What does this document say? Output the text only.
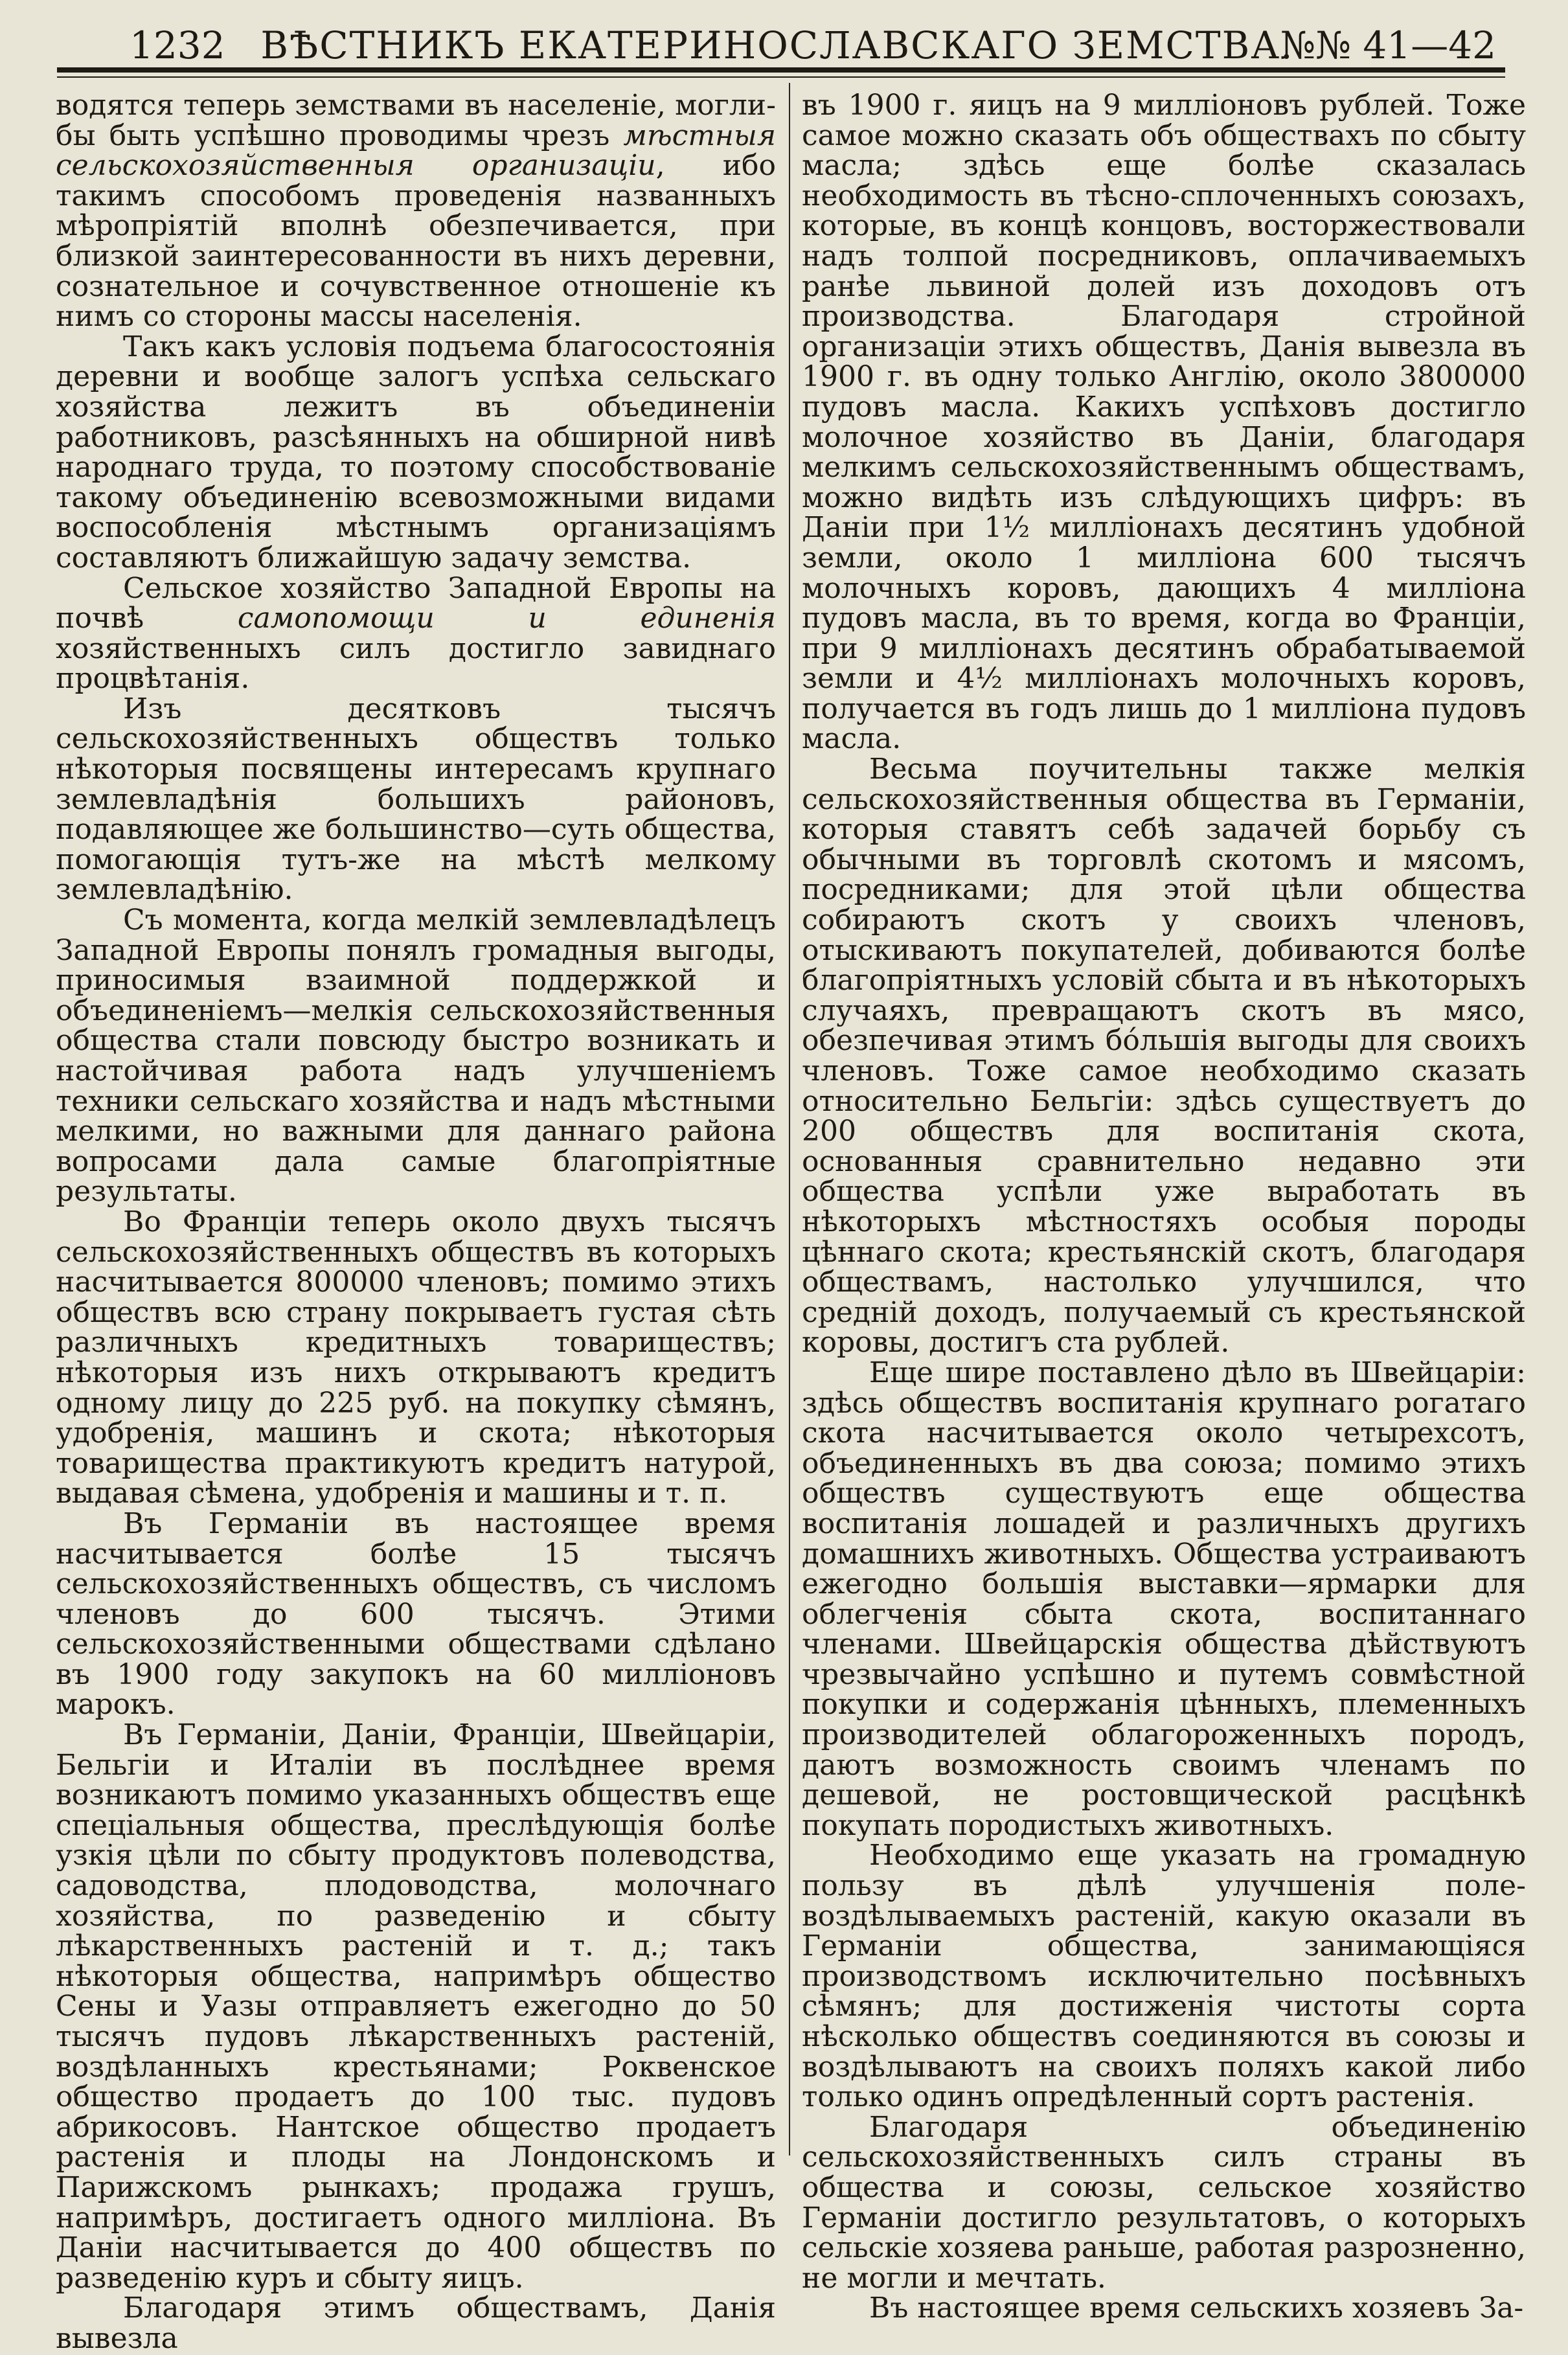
1232 ВѢСТНИКЪ ЕКАТЕРИНОСЛАВСКАГО ЗЕМСТВА.
№№ 41—42

водятся теперь земствами въ населеніе, могли-бы быть успѣшно проводимы чрезъ мѣстныя сельскохозяйственныя организаціи, ибо такимъ способомъ проведенія названныхъ мѣропріятій вполнѣ обезпечивается, при близкой заинтересованности въ нихъ деревни, сознательное и сочувственное отношеніе къ нимъ со стороны массы населенія.

Такъ какъ условія подъема благосостоянія деревни и вообще залогъ успѣха сельскаго хозяйства лежитъ въ объединеніи работниковъ, разсѣянныхъ на обширной нивѣ народнаго труда, то поэтому способствованіе такому объединенію всевозможными видами воспособленія мѣстнымъ организаціямъ составляютъ ближайшую задачу земства.

Сельское хозяйство Западной Европы на почвѣ самопомощи и единенія хозяйственныхъ силъ достигло завиднаго процвѣтанія.

Изъ десятковъ тысячъ сельскохозяйственныхъ обществъ только нѣкоторыя посвящены интересамъ крупнаго землевладѣнія большихъ районовъ, подавляющее же большинство—суть общества, помогающія тутъ-же на мѣстѣ мелкому землевладѣнію.

Съ момента, когда мелкій землевладѣлецъ Западной Европы понялъ громадныя выгоды, приносимыя взаимной поддержкой и объединеніемъ—мелкія сельскохозяйственныя общества стали повсюду быстро возникать и настойчивая работа надъ улучшеніемъ техники сельскаго хозяйства и надъ мѣстными мелкими, но важными для даннаго района вопросами дала самые благопріятные результаты.

Во Франціи теперь около двухъ тысячъ сельскохозяйственныхъ обществъ въ которыхъ насчитывается 800000 членовъ; помимо этихъ обществъ всю страну покрываетъ густая сѣть различныхъ кредитныхъ товариществъ; нѣкоторыя изъ нихъ открываютъ кредитъ одному лицу до 225 руб. на покупку сѣмянъ, удобренія, машинъ и скота; нѣкоторыя товарищества практикуютъ кредитъ натурой, выдавая сѣмена, удобренія и машины и т. п.

Въ Германіи въ настоящее время насчитывается болѣе 15 тысячъ сельскохозяйственныхъ обществъ, съ числомъ членовъ до 600 тысячъ. Этими сельскохозяйственными обществами сдѣлано въ 1900 году закупокъ на 60 милліоновъ марокъ.

Въ Германіи, Даніи, Франціи, Швейцаріи, Бельгіи и Италіи въ послѣднее время возникаютъ помимо указанныхъ обществъ еще спеціальныя общества, преслѣдующія болѣе узкія цѣли по сбыту продуктовъ полеводства, садоводства, плодоводства, молочнаго хозяйства, по разведенію и сбыту лѣкарственныхъ растеній и т. д.; такъ нѣкоторыя общества, напримѣръ общество Сены и Уазы отправляетъ ежегодно до 50 тысячъ пудовъ лѣкарственныхъ растеній, воздѣланныхъ крестьянами; Роквенское общество продаетъ до 100 тыс. пудовъ абрикосовъ. Нантское общество продаетъ растенія и плоды на Лондонскомъ и Парижскомъ рынкахъ; продажа грушъ, напримѣръ, достигаетъ одного милліона. Въ Даніи насчитывается до 400 обществъ по разведенію куръ и сбыту яицъ.

Благодаря этимъ обществамъ, Данія вывезла

въ 1900 г. яицъ на 9 милліоновъ рублей. Тоже самое можно сказать объ обществахъ по сбыту масла; здѣсь еще болѣе сказалась необходимость въ тѣсно-сплоченныхъ союзахъ, которые, въ концѣ концовъ, восторжествовали надъ толпой посредниковъ, оплачиваемыхъ ранѣе львиной долей изъ доходовъ отъ производства. Благодаря стройной организаціи этихъ обществъ, Данія вывезла въ 1900 г. въ одну только Англію, около 3800000 пудовъ масла. Какихъ успѣховъ достигло молочное хозяйство въ Даніи, благодаря мелкимъ сельскохозяйственнымъ обществамъ, можно видѣть изъ слѣдующихъ цифръ: въ Даніи при 1½ милліонахъ десятинъ удобной земли, около 1 милліона 600 тысячъ молочныхъ коровъ, дающихъ 4 милліона пудовъ масла, въ то время, когда во Франціи, при 9 милліонахъ десятинъ обрабатываемой земли и 4½ милліонахъ молочныхъ коровъ, получается въ годъ лишь до 1 милліона пудовъ масла.

Весьма поучительны также мелкія сельскохозяйственныя общества въ Германіи, которыя ставятъ себѣ задачей борьбу съ обычными въ торговлѣ скотомъ и мясомъ, посредниками; для этой цѣли общества собираютъ скотъ у своихъ членовъ, отыскиваютъ покупателей, добиваются болѣе благопріятныхъ условій сбыта и въ нѣкоторыхъ случаяхъ, превращаютъ скотъ въ мясо, обезпечивая этимъ бóльшія выгоды для своихъ членовъ. Тоже самое необходимо сказать относительно Бельгіи: здѣсь существуетъ до 200 обществъ для воспитанія скота, основанныя сравнительно недавно эти общества успѣли уже выработать въ нѣкоторыхъ мѣстностяхъ особыя породы цѣннаго скота; крестьянскій скотъ, благодаря обществамъ, настолько улучшился, что средній доходъ, получаемый съ крестьянской коровы, достигъ ста рублей.

Еще шире поставлено дѣло въ Швейцаріи: здѣсь обществъ воспитанія крупнаго рогатаго скота насчитывается около четырехсотъ, объединенныхъ въ два союза; помимо этихъ обществъ существуютъ еще общества воспитанія лошадей и различныхъ другихъ домашнихъ животныхъ. Общества устраиваютъ ежегодно большія выставки—ярмарки для облегченія сбыта скота, воспитаннаго членами. Швейцарскія общества дѣйствуютъ чрезвычайно успѣшно и путемъ совмѣстной покупки и содержанія цѣнныхъ, племенныхъ производителей облагороженныхъ породъ, даютъ возможность своимъ членамъ по дешевой, не ростовщической расцѣнкѣ покупать породистыхъ животныхъ.

Необходимо еще указать на громадную пользу въ дѣлѣ улучшенія поле-воздѣлываемыхъ растеній, какую оказали въ Германіи общества, занимающіяся производствомъ исключительно посѣвныхъ сѣмянъ; для достиженія чистоты сорта нѣсколько обществъ соединяются въ союзы и воздѣлываютъ на своихъ поляхъ какой либо только одинъ опредѣленный сортъ растенія.

Благодаря объединенію сельскохозяйственныхъ силъ страны въ общества и союзы, сельское хозяйство Германіи достигло результатовъ, о которыхъ сельскіе хозяева раньше, работая разрозненно, не могли и мечтать.

Въ настоящее время сельскихъ хозяевъ За-
